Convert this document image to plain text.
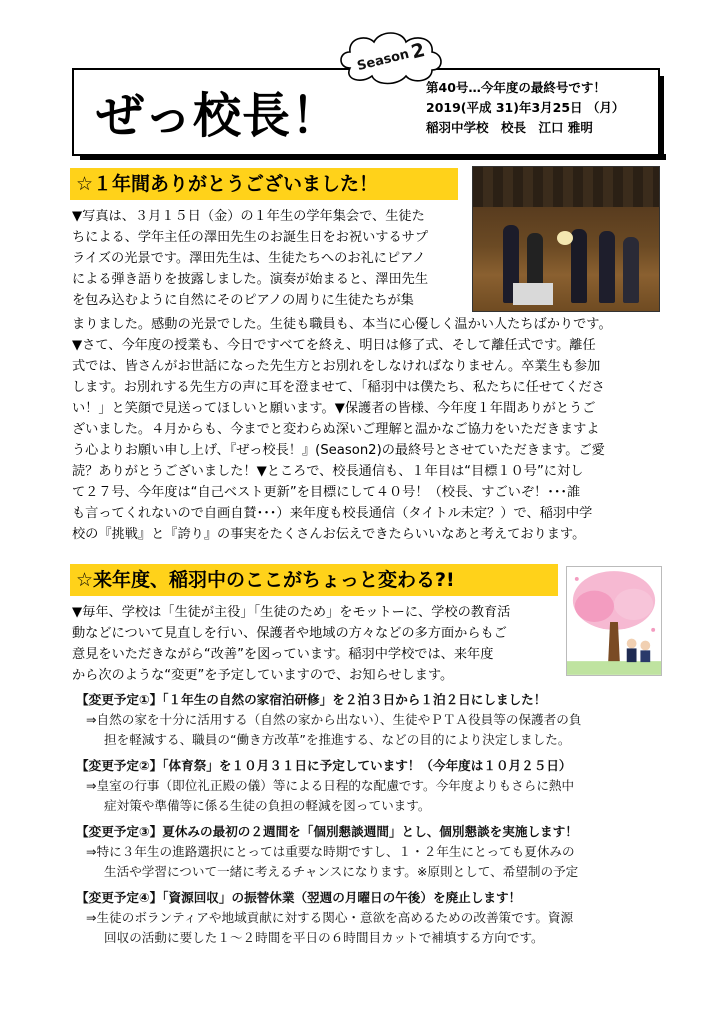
ぜっ校長！
Season
2
第40号…今年度の最終号です！
2019(平成 31)年3月25日 （月）
稲羽中学校　校長　江口 雅明
☆１年間ありがとうございました！
▼写真は、３月１５日（金）の１年生の学年集会で、生徒た
ちによる、学年主任の澤田先生のお誕生日をお祝いするサプ
ライズの光景です。澤田先生は、生徒たちへのお礼にピアノ
による弾き語りを披露しました。演奏が始まると、澤田先生
を包み込むように自然にそのピアノの周りに生徒たちが集
まりました。感動の光景でした。生徒も職員も、本当に心優しく温かい人たちばかりです。
▼さて、今年度の授業も、今日ですべてを終え、明日は修了式、そして離任式です。離任
式では、皆さんがお世話になった先生方とお別れをしなければなりません。卒業生も参加
します。お別れする先生方の声に耳を澄ませて、「稲羽中は僕たち、私たちに任せてくださ
い！」と笑顔で見送ってほしいと願います。▼保護者の皆様、今年度１年間ありがとうご
ざいました。４月からも、今までと変わらぬ深いご理解と温かなご協力をいただきますよ
う心よりお願い申し上げ、『ぜっ校長！』(Season2)の最終号とさせていただきます。ご愛
読？ありがとうございました！▼ところで、校長通信も、１年目は“目標１０号”に対し
て２７号、今年度は“自己ベスト更新”を目標にして４０号！（校長、すごいぞ！･･･誰
も言ってくれないので自画自賛･･･）来年度も校長通信（タイトル未定？）で、稲羽中学
校の『挑戦』と『誇り』の事実をたくさんお伝えできたらいいなあと考えております。
☆来年度、稲羽中のここがちょっと変わる?!
▼毎年、学校は「生徒が主役」「生徒のため」をモットーに、学校の教育活
動などについて見直しを行い、保護者や地域の方々などの多方面からもご
意見をいただきながら“改善”を図っています。稲羽中学校では、来年度
から次のような“変更”を予定していますので、お知らせします。
【変更予定①】「１年生の自然の家宿泊研修」を２泊３日から１泊２日にしました！
⇒自然の家を十分に活用する（自然の家から出ない）、生徒やＰＴＡ役員等の保護者の負
担を軽減する、職員の“働き方改革”を推進する、などの目的により決定しました。
【変更予定②】「体育祭」を１０月３１日に予定しています！（今年度は１０月２５日）
⇒皇室の行事（即位礼正殿の儀）等による日程的な配慮です。今年度よりもさらに熱中
症対策や準備等に係る生徒の負担の軽減を図っています。
【変更予定③】夏休みの最初の２週間を「個別懇談週間」とし、個別懇談を実施します！
⇒特に３年生の進路選択にとっては重要な時期ですし、１・２年生にとっても夏休みの
生活や学習について一緒に考えるチャンスになります。※原則として、希望制の予定
【変更予定④】「資源回収」の振替休業（翌週の月曜日の午後）を廃止します！
⇒生徒のボランティアや地域貢献に対する関心・意欲を高めるための改善策です。資源
回収の活動に要した１～２時間を平日の６時間目カットで補填する方向です。
